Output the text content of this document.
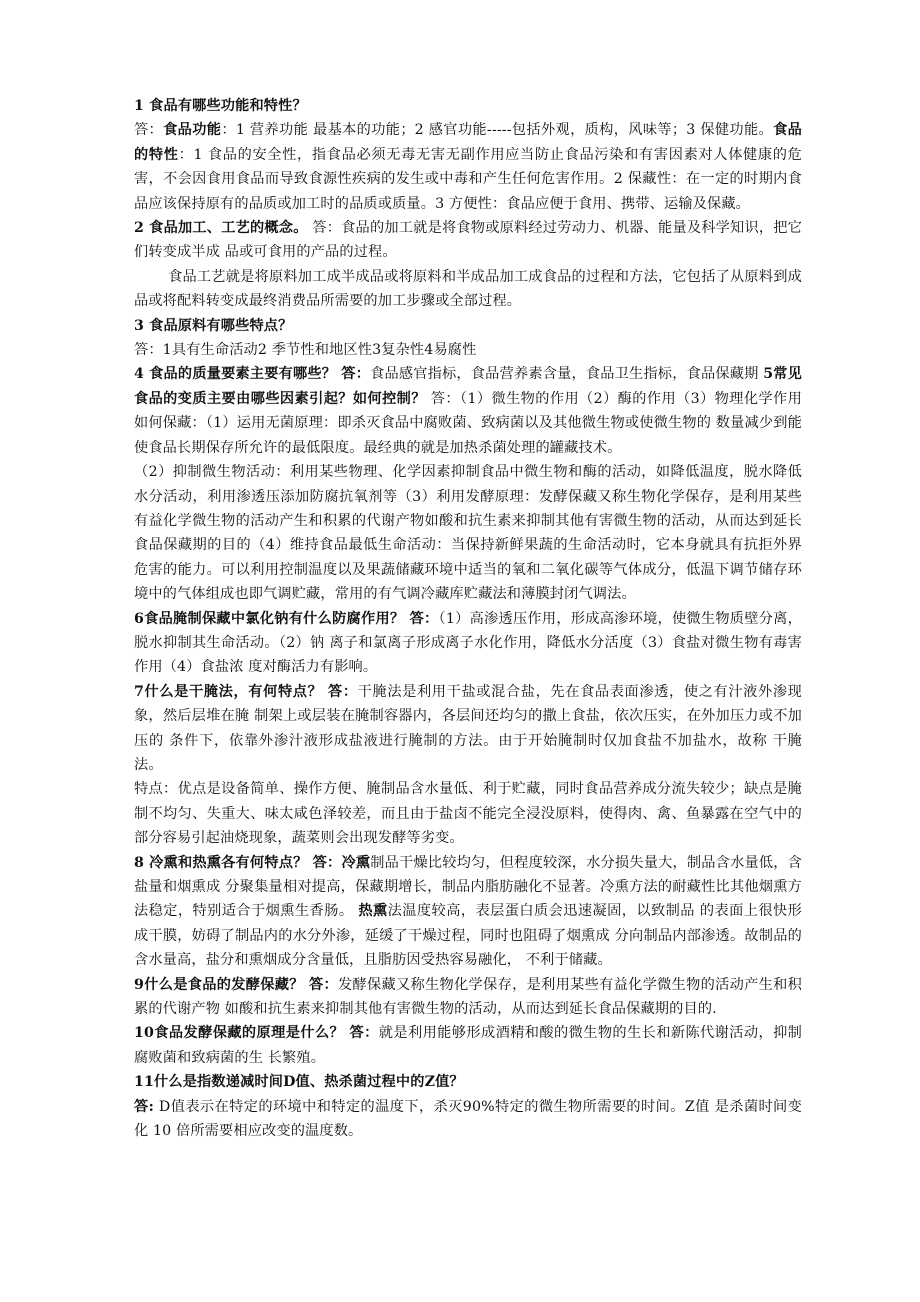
1 食品有哪些功能和特性？

答：食品功能：1 营养功能 最基本的功能；2 感官功能-----包括外观，质构，风味等；3 保健功能。食品的特性：1 食品的安全性，指食品必须无毒无害无副作用应当防止食品污染和有害因素对人体健康的危害，不会因食用食品而导致食源性疾病的发生或中毒和产生任何危害作用。2 保藏性：在一定的时期内食品应该保持原有的品质或加工时的品质或质量。3 方便性：食品应便于食用、携带、运输及保藏。

2 食品加工、工艺的概念。 答：食品的加工就是将食物或原料经过劳动力、机器、能量及科学知识，把它们转变成半成 品或可食用的产品的过程。

食品工艺就是将原料加工成半成品或将原料和半成品加工成食品的过程和方法，它包括了从原料到成品或将配料转变成最终消费品所需要的加工步骤或全部过程。

3 食品原料有哪些特点？

答：1具有生命活动2 季节性和地区性3复杂性4易腐性

4 食品的质量要素主要有哪些？ 答：食品感官指标，食品营养素含量，食品卫生指标，食品保藏期 5常见食品的变质主要由哪些因素引起？如何控制？ 答：（1）微生物的作用（2）酶的作用（3）物理化学作用 如何保藏：（1）运用无菌原理：即杀灭食品中腐败菌、致病菌以及其他微生物或使微生物的 数量减少到能使食品长期保存所允许的最低限度。最经典的就是加热杀菌处理的罐藏技术。

（2）抑制微生物活动：利用某些物理、化学因素抑制食品中微生物和酶的活动，如降低温度，脱水降低水分活动，利用渗透压添加防腐抗氧剂等（3）利用发酵原理：发酵保藏又称生物化学保存，是利用某些有益化学微生物的活动产生和积累的代谢产物如酸和抗生素来抑制其他有害微生物的活动，从而达到延长食品保藏期的目的（4）维持食品最低生命活动：当保持新鲜果蔬的生命活动时，它本身就具有抗拒外界危害的能力。可以利用控制温度以及果蔬储藏环境中适当的氧和二氧化碳等气体成分，低温下调节储存环境中的气体组成也即气调贮藏，常用的有气调冷藏库贮藏法和薄膜封闭气调法。

6食品腌制保藏中氯化钠有什么防腐作用？ 答：（1）高渗透压作用，形成高渗环境，使微生物质壁分离，脱水抑制其生命活动。（2）钠 离子和氯离子形成离子水化作用，降低水分活度（3）食盐对微生物有毒害作用（4）食盐浓 度对酶活力有影响。

7什么是干腌法，有何特点？ 答：干腌法是利用干盐或混合盐，先在食品表面渗透，使之有汁液外渗现象，然后层堆在腌 制架上或层装在腌制容器内，各层间还均匀的撒上食盐，依次压实，在外加压力或不加压的 条件下，依靠外渗汁液形成盐液进行腌制的方法。由于开始腌制时仅加食盐不加盐水，故称 干腌法。

特点：优点是设备简单、操作方便、腌制品含水量低、利于贮藏，同时食品营养成分流失较少；缺点是腌制不均匀、失重大、味太咸色泽较差，而且由于盐卤不能完全浸没原料，使得肉、禽、鱼暴露在空气中的部分容易引起油烧现象，蔬菜则会出现发酵等劣变。

8 冷熏和热熏各有何特点？ 答：冷熏制品干燥比较均匀，但程度较深，水分损失量大，制品含水量低，含盐量和烟熏成 分聚集量相对提高，保藏期增长，制品内脂肪融化不显著。冷熏方法的耐藏性比其他烟熏方 法稳定，特别适合于烟熏生香肠。 热熏法温度较高，表层蛋白质会迅速凝固，以致制品 的表面上很快形成干膜，妨碍了制品内的水分外渗，延缓了干燥过程，同时也阻碍了烟熏成 分向制品内部渗透。故制品的含水量高，盐分和熏烟成分含量低，且脂肪因受热容易融化， 不利于储藏。

9什么是食品的发酵保藏？ 答：发酵保藏又称生物化学保存，是利用某些有益化学微生物的活动产生和积累的代谢产物 如酸和抗生素来抑制其他有害微生物的活动，从而达到延长食品保藏期的目的.

10食品发酵保藏的原理是什么？ 答：就是利用能够形成酒精和酸的微生物的生长和新陈代谢活动，抑制腐败菌和致病菌的生 长繁殖。

11什么是指数递减时间D值、热杀菌过程中的Z值？

答: D值表示在特定的环境中和特定的温度下，杀灭90%特定的微生物所需要的时间。Z值 是杀菌时间变化 10 倍所需要相应改变的温度数。
